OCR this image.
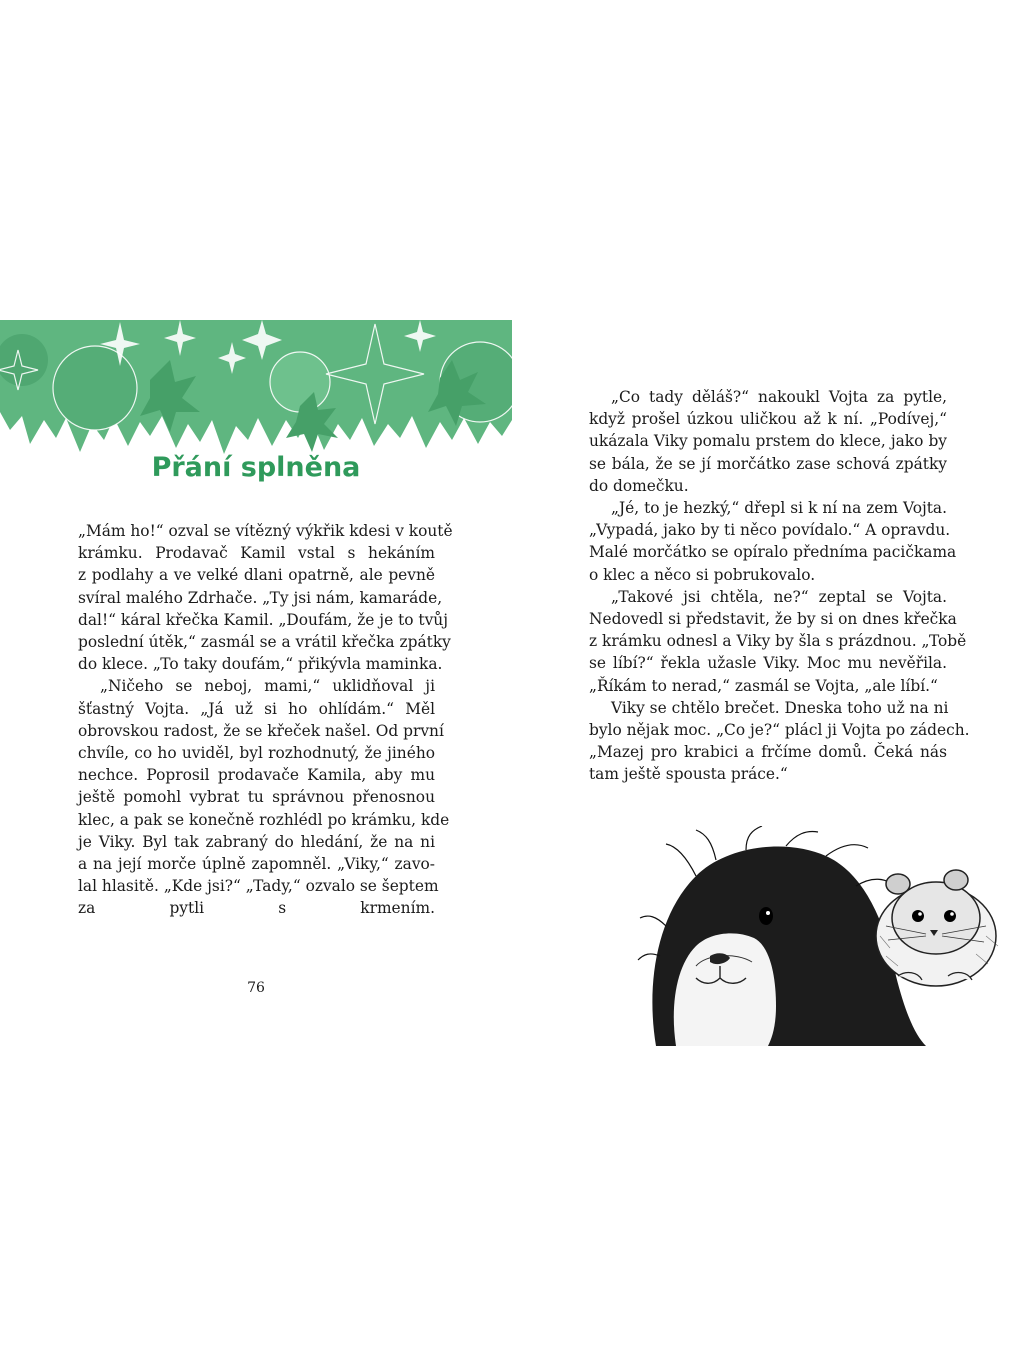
Přání splněna

„Mám ho!“ ozval se vítězný výkřik kdesi v koutě
krámku. Prodavač Kamil vstal s hekáním
z podlahy a ve velké dlani opatrně, ale pevně
svíral malého Zdrhače. „Ty jsi nám, kamaráde,
dal!“ káral křečka Kamil. „Doufám, že je to tvůj
poslední útěk,“ zasmál se a vrátil křečka zpátky
do klece. „To taky doufám,“ přikývla maminka.

„Ničeho se neboj, mami,“ uklidňoval ji
šťastný Vojta. „Já už si ho ohlídám.“ Měl
obrovskou radost, že se křeček našel. Od první
chvíle, co ho uviděl, byl rozhodnutý, že jiného
nechce. Poprosil prodavače Kamila, aby mu
ještě pomohl vybrat tu správnou přenosnou
klec, a pak se konečně rozhlédl po krámku, kde
je Viky. Byl tak zabraný do hledání, že na ni
a na její morče úplně zapomněl. „Viky,“ zavo-
lal hlasitě. „Kde jsi?“ „Tady,“ ozvalo se šeptem
za pytli s krmením.

76

„Co tady děláš?“ nakoukl Vojta za pytle,
když prošel úzkou uličkou až k ní. „Podívej,“
ukázala Viky pomalu prstem do klece, jako by
se bála, že se jí morčátko zase schová zpátky
do domečku.

„Jé, to je hezký,“ dřepl si k ní na zem Vojta.
„Vypadá, jako by ti něco povídalo.“ A opravdu.
Malé morčátko se opíralo předníma pacičkama
o klec a něco si pobrukovalo.

„Takové jsi chtěla, ne?“ zeptal se Vojta.
Nedovedl si představit, že by si on dnes křečka
z krámku odnesl a Viky by šla s prázdnou. „Tobě
se líbí?“ řekla užasle Viky. Moc mu nevěřila.
„Říkám to nerad,“ zasmál se Vojta, „ale líbí.“

Viky se chtělo brečet. Dneska toho už na ni
bylo nějak moc. „Co je?“ plácl ji Vojta po zádech.
„Mazej pro krabici a frčíme domů. Čeká nás
tam ještě spousta práce.“
